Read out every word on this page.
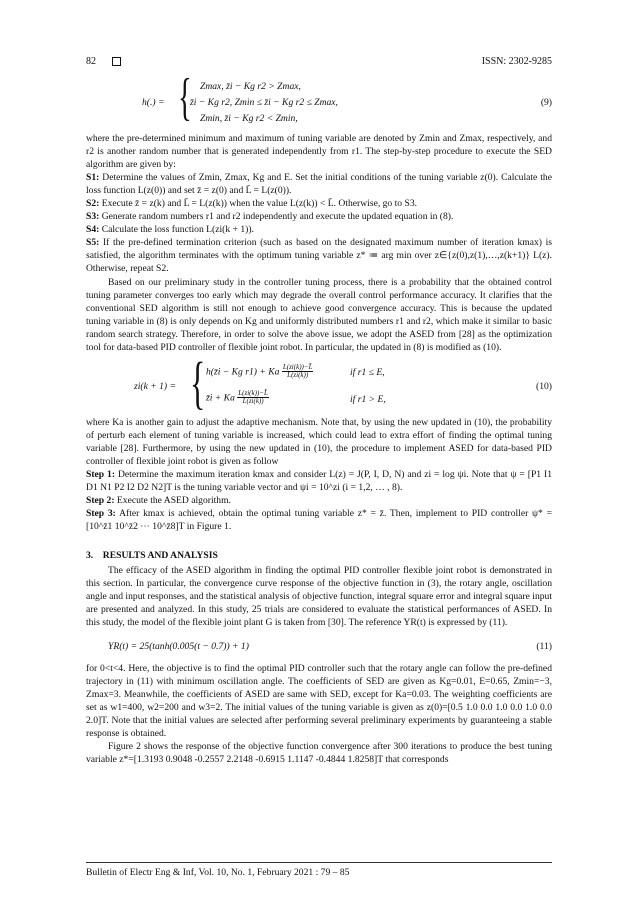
82	ISSN: 2302-9285
h(.) = { Zmax, z̄i − Kg r2 > Zmax,
z̄i − Kg r2, Zmin ≤ z̄i − Kg r2 ≤ Zmax,
Zmin, z̄i − Kg r2 < Zmin,
(9)

where the pre-determined minimum and maximum of tuning variable are denoted by Zmin and Zmax, respectively, and r2 is another random number that is generated independently from r1. The step-by-step procedure to execute the SED algorithm are given by:

S1: Determine the values of Zmin, Zmax, Kg and E. Set the initial conditions of the tuning variable z(0). Calculate the loss function L(z(0)) and set z̄ = z(0) and L̄ = L(z(0)).

S2: Execute z̄ = z(k) and L̄ = L(z(k)) when the value L(z(k)) < L̄. Otherwise, go to S3.

S3: Generate random numbers r1 and r2 independently and execute the updated equation in (8).

S4: Calculate the loss function L(zi(k + 1)).

S5: If the pre-defined termination criterion (such as based on the designated maximum number of iteration kmax) is satisfied, the algorithm terminates with the optimum tuning variable z* ≔ arg min over z∈{z(0),z(1),…,z(k+1)} L(z). Otherwise, repeat S2.

Based on our preliminary study in the controller tuning process, there is a probability that the obtained control tuning parameter converges too early which may degrade the overall control performance accuracy. It clarifies that the conventional SED algorithm is still not enough to achieve good convergence accuracy. This is because the updated tuning variable in (8) is only depends on Kg and uniformly distributed numbers r1 and r2, which make it similar to basic random search strategy. Therefore, in order to solve the above issue, we adopt the ASED from [28] as the optimization tool for data-based PID controller of flexible joint robot. In particular, the updated in (8) is modified as (10).

zi(k + 1) = { h(z̄i − Kg r1) + Ka $\frac{L(zi(k))-L̄}{L(zi(k))}$	if r1 ≤ E,
z̄i + Ka $\frac{L(zi(k))-L̄}{L(zi(k))}$	if r1 > E,
(10)

where Ka is another gain to adjust the adaptive mechanism. Note that, by using the new updated in (10), the probability of perturb each element of tuning variable is increased, which could lead to extra effort of finding the optimal tuning variable [28]. Furthermore, by using the new updated in (10), the procedure to implement ASED for data-based PID controller of flexible joint robot is given as follow

Step 1: Determine the maximum iteration kmax and consider L(z) = J(P, I, D, N) and zi = log ψi. Note that ψ = [P1 I1 D1 N1 P2 I2 D2 N2]T is the tuning variable vector and ψi = 10^zi (i = 1,2, … , 8).

Step 2: Execute the ASED algorithm.

Step 3: After kmax is achieved, obtain the optimal tuning variable z* = z̄. Then, implement to PID controller ψ* = [10^z̄1 10^z̄2 ⋯ 10^z̄8]T in Figure 1.

3. RESULTS AND ANALYSIS

The efficacy of the ASED algorithm in finding the optimal PID controller flexible joint robot is demonstrated in this section. In particular, the convergence curve response of the objective function in (3), the rotary angle, oscillation angle and input responses, and the statistical analysis of objective function, integral square error and integral square input are presented and analyzed. In this study, 25 trials are considered to evaluate the statistical performances of ASED. In this study, the model of the flexible joint plant G is taken from [30]. The reference YR(t) is expressed by (11).

YR(t) = 25(tanh(0.005(t − 0.7)) + 1)	(11)

for 0<t<4. Here, the objective is to find the optimal PID controller such that the rotary angle can follow the pre-defined trajectory in (11) with minimum oscillation angle. The coefficients of SED are given as Kg=0.01, E=0.65, Zmin=−3, Zmax=3. Meanwhile, the coefficients of ASED are same with SED, except for Ka=0.03. The weighting coefficients are set as w1=400, w2=200 and w3=2. The initial values of the tuning variable is given as z(0)=[0.5 1.0 0.0 1.0 0.0 1.0 0.0 2.0]T. Note that the initial values are selected after performing several preliminary experiments by guaranteeing a stable response is obtained.

Figure 2 shows the response of the objective function convergence after 300 iterations to produce the best tuning variable z*=[1.3193 0.9048 -0.2557 2.2148 -0.6915 1.1147 -0.4844 1.8258]T that corresponds

Bulletin of Electr Eng & Inf, Vol. 10, No. 1, February 2021 : 79 – 85
